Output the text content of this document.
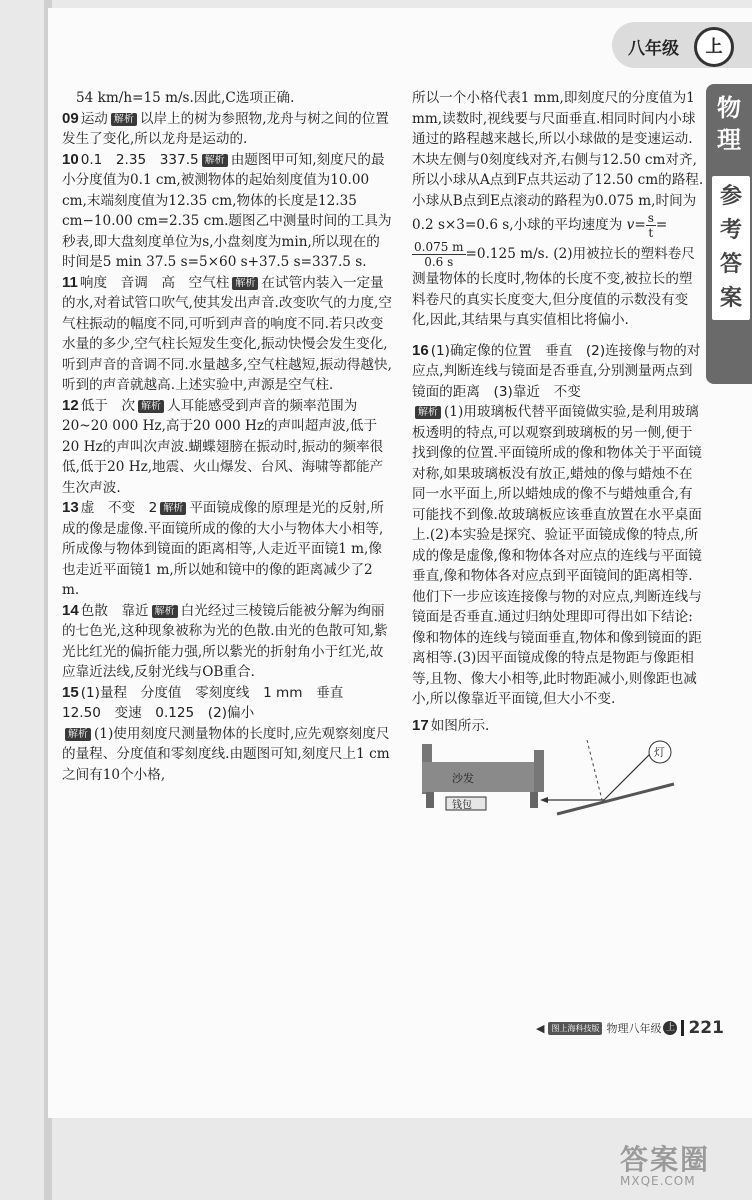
八年级	上
物理
参考答案

54 km/h=15 m/s.因此,C选项正确.

09 运动 解析 以岸上的树为参照物,龙舟与树之间的位置发生了变化,所以龙舟是运动的.

10 0.1　2.35　337.5 解析 由题图甲可知,刻度尺的最小分度值为0.1 cm,被测物体的起始刻度值为10.00 cm,末端刻度值为12.35 cm,物体的长度是12.35 cm−10.00 cm=2.35 cm.题图乙中测量时间的工具为秒表,即大盘刻度单位为s,小盘刻度为min,所以现在的时间是5 min 37.5 s=5×60 s+37.5 s=337.5 s.

11 响度　音调　高　空气柱 解析 在试管内装入一定量的水,对着试管口吹气,使其发出声音.改变吹气的力度,空气柱振动的幅度不同,可听到声音的响度不同.若只改变水量的多少,空气柱长短发生变化,振动快慢会发生变化,听到声音的音调不同.水量越多,空气柱越短,振动得越快,听到的声音就越高.上述实验中,声源是空气柱.

12 低于　次 解析 人耳能感受到声音的频率范围为20~20 000 Hz,高于20 000 Hz的声叫超声波,低于20 Hz的声叫次声波.蝴蝶翅膀在振动时,振动的频率很低,低于20 Hz,地震、火山爆发、台风、海啸等都能产生次声波.

13 虚　不变　2 解析 平面镜成像的原理是光的反射,所成的像是虚像.平面镜所成的像的大小与物体大小相等,所成像与物体到镜面的距离相等,人走近平面镜1 m,像也走近平面镜1 m,所以她和镜中的像的距离减少了2 m.

14 色散　靠近 解析 白光经过三棱镜后能被分解为绚丽的七色光,这种现象被称为光的色散.由光的色散可知,紫光比红光的偏折能力强,所以紫光的折射角小于红光,故应靠近法线,反射光线与OB重合.

15 (1)量程　分度值　零刻度线　1 mm　垂直　12.50　变速　0.125　(2)偏小
解析 (1)使用刻度尺测量物体的长度时,应先观察刻度尺的量程、分度值和零刻度线.由题图可知,刻度尺上1 cm之间有10个小格,

所以一个小格代表1 mm,即刻度尺的分度值为1 mm,读数时,视线要与尺面垂直.相同时间内小球通过的路程越来越长,所以小球做的是变速运动.木块左侧与0刻度线对齐,右侧与12.50 cm对齐,所以小球从A点到F点共运动了12.50 cm的路程.小球从B点到E点滚动的路程为0.075 m,时间为0.2 s×3=0.6 s,小球的平均速度为 $v= \frac{s}{t}$ =
$\frac{0.075 m}{0.6 s} =0.125$ m/s. (2)用被拉长的塑料卷尺测量物体的长度时,物体的长度不变,被拉长的塑料卷尺的真实长度变大,但分度值的示数没有变化,因此,其结果与真实值相比将偏小.

16 (1)确定像的位置　垂直　(2)连接像与物的对应点,判断连线与镜面是否垂直,分别测量两点到镜面的距离　(3)靠近　不变
解析 (1)用玻璃板代替平面镜做实验,是利用玻璃板透明的特点,可以观察到玻璃板的另一侧,便于找到像的位置.平面镜所成的像和物体关于平面镜对称,如果玻璃板没有放正,蜡烛的像与蜡烛不在同一水平面上,所以蜡烛成的像不与蜡烛重合,有可能找不到像.故玻璃板应该垂直放置在水平桌面上.(2)本实验是探究、验证平面镜成像的特点,所成的像是虚像,像和物体各对应点的连线与平面镜垂直,像和物体各对应点到平面镜间的距离相等.他们下一步应该连接像与物的对应点,判断连线与镜面是否垂直.通过归纳处理即可得出如下结论:像和物体的连线与镜面垂直,物体和像到镜面的距离相等.(3)因平面镜成像的特点是物距与像距相等,且物、像大小相等,此时物距减小,则像距也减小,所以像靠近平面镜,但大小不变.

17 如图所示.

沙发
钱包
灯
◀ 图上海科技版 物理八年级 上 221
答案圈
MXQE.COM
